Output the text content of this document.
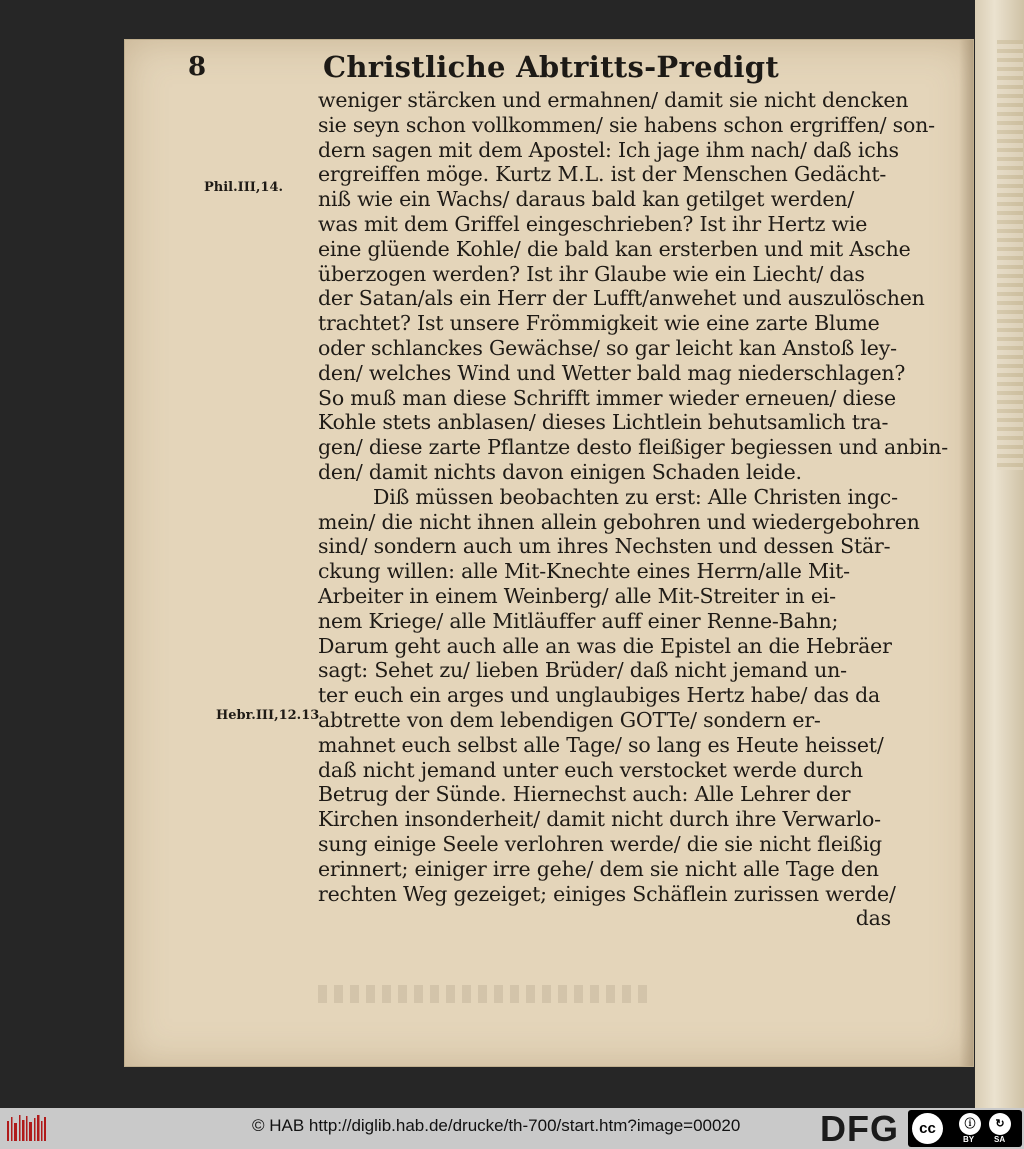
8	Christliche Abtritts-Predigt
Phil.III,14.
Hebr.III,12.13
weniger stärcken und ermahnen/ damit sie nicht dencken
sie seyn schon vollkommen/ sie habens schon ergriffen/ son-
dern sagen mit dem Apostel: Ich jage ihm nach/ daß ichs
ergreiffen möge. Kurtz M.L. ist der Menschen Gedächt-
niß wie ein Wachs/ daraus bald kan getilget werden/
was mit dem Griffel eingeschrieben? Ist ihr Hertz wie
eine glüende Kohle/ die bald kan ersterben und mit Asche
überzogen werden? Ist ihr Glaube wie ein Liecht/ das
der Satan/als ein Herr der Lufft/anwehet und auszulöschen
trachtet? Ist unsere Frömmigkeit wie eine zarte Blume
oder schlanckes Gewächse/ so gar leicht kan Anstoß ley-
den/ welches Wind und Wetter bald mag niederschlagen?
So muß man diese Schrifft immer wieder erneuen/ diese
Kohle stets anblasen/ dieses Lichtlein behutsamlich tra-
gen/ diese zarte Pflantze desto fleißiger begiessen und anbin-
den/ damit nichts davon einigen Schaden leide.
Diß müssen beobachten zu erst: Alle Christen ingc-
mein/ die nicht ihnen allein gebohren und wiedergebohren
sind/ sondern auch um ihres Nechsten und dessen Stär-
ckung willen: alle Mit-Knechte eines Herrn/alle Mit-
Arbeiter in einem Weinberg/ alle Mit-Streiter in ei-
nem Kriege/ alle Mitläuffer auff einer Renne-Bahn;
Darum geht auch alle an was die Epistel an die Hebräer
sagt: Sehet zu/ lieben Brüder/ daß nicht jemand un-
ter euch ein arges und unglaubiges Hertz habe/ das da
abtrette von dem lebendigen GOTTe/ sondern er-
mahnet euch selbst alle Tage/ so lang es Heute heisset/
daß nicht jemand unter euch verstocket werde durch
Betrug der Sünde. Hiernechst auch: Alle Lehrer der
Kirchen insonderheit/ damit nicht durch ihre Verwarlo-
sung einige Seele verlohren werde/ die sie nicht fleißig
erinnert; einiger irre gehe/ dem sie nicht alle Tage den
rechten Weg gezeiget; einiges Schäflein zurissen werde/
das
© HAB http://diglib.hab.de/drucke/th-700/start.htm?image=00020 DFG	cc	ⓘ	↻
BY SA
